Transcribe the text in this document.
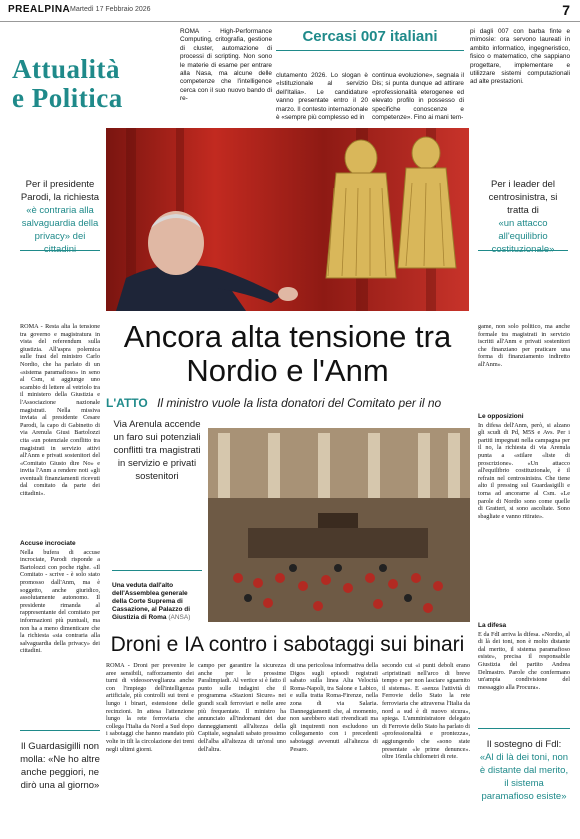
PREALPINA Martedì 17 Febbraio 2026	7
Attualità
e Politica
ROMA - High-Performance Computing, critografia, gestione di cluster, automazione di processi di scripting. Non sono le materie di esame per entrare alla Nasa, ma alcune delle competenze che l'intelligence cerca con il suo nuovo bando di re-
Cercasi 007 italiani
clutamento 2026. Lo slogan è «Istituzionale al servizio dell'Italia». Le candidature vanno presentate entro il 20 marzo. Il contesto internazionale è «sempre più complesso ed in
continua evoluzione», segnala il Dis; si punta dunque ad attirare «professionalità eterogenee ed elevato profilo in possesso di specifiche conoscenze e competenze». Fino ai mani tem-
pi dagli 007 con barba finte e mimosìe: ora servono laureati in ambito informatico, ingegneristico, fisico o matematico, che sappiano progettare, implementare e utilizzare sistemi computazionali ad alte prestazioni.
Per il presidente Parodi, la richiesta
«è contraria alla salvaguardia della privacy» dei
Per i leader del centrosinistra, si tratta di
«un attacco all'equilibrio
Ancora alta tensione tra Nordio e l'Anm
L'ATTO Il ministro vuole la lista donatori del Comitato per il no
ROMA - Resta alta la tensione tra governo e magistratura in vista del referendum sulla giustizia. All'aspra polemica sulle frasi del ministro Carlo Nordio, che ha parlato di un «sistema paramafioso» in seno al Csm, si aggiunge uno scambio di lettere al vetriolo tra il ministero della Giustizia e l'Associazione nazionale magistrati. Nella missiva inviata al presidente Cesare Parodi, la capo di Gabinetto di via Arenula Giusi Bartolozzi cita «un potenziale conflitto tra magistrati in servizio attivi all'Anm e privati sostenitori del «Comitato Giusto dire No» e invita l'Anm a rendere noti «gli eventuali finanziamenti ricevuti dal comitato da parte dei cittadini».
Accuse incrociate
Nella bufera di accuse incrociate, Parodi risponde a Bartolozzi con poche righe. «Il Comitato - scrive - è solo stato promosso dall'Anm, ma è soggetto, anche giuridico, assolutamente autonomo. Il presidente rimanda al rappresentante del comitato per informazioni più puntuali, ma non ha a meno dimenticare che la richiesta «sia contraria alla salvaguardia della privacy» dei cittadini.
game, non solo politico, ma anche formale tra magistrati in servizio iscritti all'Anm e privati sostenitori che finanziano per praticare una forma di finanziamento indiretto all'Anm».
Le opposizioni
In difesa dell'Anm, però, si alzano gli scudi di Pd, M5S e Avs. Per i partiti impegnati nella campagna per il no, la richiesta di via Arenula punta a «stilare «liste di proscrizione». «Un attacco all'equilibrio costituzionale, è il refrain nel centrosinistra. Che tiene alto il pressing sul Guardasigilli e torna ad ancorarne al Csm. «Le parole di Nordio sono come quelle di Gratteri, si sono ascoltate. Sono sbagliate e vanno ritirate».
La difesa
E da FdI arriva la difesa. «Nordio, al di là dei toni, non è molto distante dal merito, il sistema paramafioso esiste», precisa il responsabile Giustizia del partito Andrea Delmastro. Parole che confermano un'ampia condivisione del messaggio alla Procura».
Via Arenula accende un faro sui potenziali conflitti tra magistrati in servizio e privati sostenitori
Una veduta dall'alto dell'Assemblea generale della Corte Suprema di Cassazione, al Palazzo di Giustizia di Roma (ANSA)
Droni e IA contro i sabotaggi sui binari
ROMA - Droni per prevenire le aree sensibili, rafforzamento dei turni di videosorveglianza anche con l'impiego dell'intelligenza artificiale, più controlli sui treni e lungo i binari, estensione delle recinzioni. In attesa l'attenzione lungo la rete ferroviaria che collega l'Italia da Nord a Sud dopo i sabotaggi che hanno mandato più volte in tilt la circolazione dei treni negli ultimi giorni.
campo per garantire la sicurezza anche per le prossime Paralimpiadi. Al vertice si è fatto il punto sulle indagini che il programma «Stazioni Sicure» nei grandi scali ferroviari e nelle aree più frequentate. Il ministro ha annunciato all'indomani dei due danneggiamenti all'altezza della Capitale, segnalati sabato prossimo dell'alba all'altezza di un'oral uno dell'altra.
di una pericolosa informativa della Digos sugli episodi registrati sabato sulla linea Alta Velocità Roma-Napoli, tra Salone e Labico, e sulla tratta Roma-Firenze, nella zona di via Salaria. Danneggiamenti che, al momento, non sarebbero stati rivendicati ma gli inquirenti non escludono un collegamento con i precedenti sabotaggi avvenuti all'altezza di Pesaro.
secondo cui «i punti deboli erano «ripristinati nell'arco di breve tempo e per non lasciare sguarnito il sistema». E «senza l'attività di Ferrovie dello Stato la rete ferroviaria che attraversa l'Italia da nord a sud è di nuovo sicura», spiega. L'amministratore delegato di Ferrovie dello Stato ha parlato di «professionalità e prontezza», aggiungendo che «sono state presentate «le prime denunce». oltre 16mila chilometri di rete.
Il Guardasigilli non molla: «Ne ho altre anche peggiori, ne dirò una al giorno»
Il sostegno di Fdl:
«Al di là dei toni, non è distante dal merito, il sistema paramafioso esiste»
